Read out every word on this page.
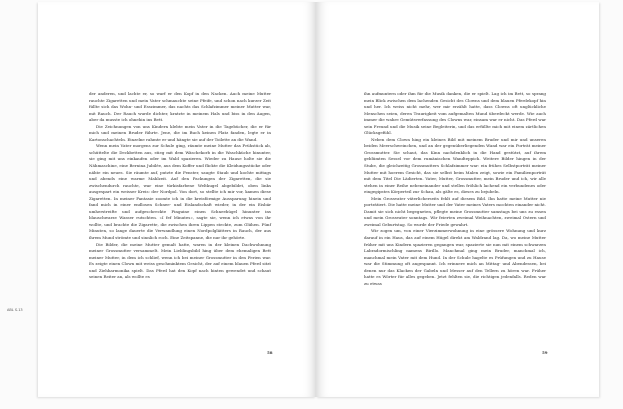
ABL S.13

der anderen, und lachte er, so warf er den Kopf in den Nacken. Auch meine Mutter rauchte Zigaretten und mein Vater schmauchte seine Pfeife, und schon nach kurzer Zeit füllte sich das Wohn- und Esszimmer, das nachts das Schlafzimmer meiner Mutter war, mit Rauch. Der Rauch wurde dichter, kratzte in meinem Hals und biss in den Augen, aber da musste ich ohnehin ins Bett.

Die Zeichnungen von uns Kindern klebte mein Vater in die Tagebücher, die er für mich und meinen Bruder führte. Jene, die im Buch keinen Platz fanden, legte er in Kartonschachteln. Einzelne rahmte er und hängte sie auf der Toilette an die Wand.

Wenn mein Vater morgens zur Schule ging, räumte meine Mutter das Frühstück ab, schüttelte die Deckbetten aus, stieg mit dem Wäschekorb in die Waschküche hinunter, sie ging mit uns einkaufen oder im Wald spazieren. Wieder zu Hause holte sie die Nähmaschine, eine Bernina Jubilée, aus dem Koffer und flickte die Kleidungsstücke oder nähte ein neues. Sie räumte auf, putzte die Fenster, saugte Staub und kochte mittags und abends eine warme Mahlzeit. Auf den Packungen der Zigaretten, die sie zwischendurch rauchte, war eine türkisfarbene Weltkugel abgebildet, oben links ausgespart ein weisser Kreis: der Nordpol. Von dort, so stellte ich mir vor, kamen diese Zigaretten. In meiner Fantasie zoomte ich in die kreisförmige Aussparung hinein und fand mich in einer endlosen Schnee- und Eislandschaft wieder, in der ein Eisbär umherstreifte und aufgeschreckte Pinguine einen Schneehügel hinunter ins blauschwarze Wasser rutschten. «I fef Minutes», sagte sie, wenn ich etwas von ihr wollte, und brachte die Zigarette, die zwischen ihren Lippen steckte, zum Glühen. Fünf Minuten, so lange dauerte die Verwandlung einen Nordpolgläitters in Rauch, der aus ihrem Mund strömte und sinnlich roch. Eine Zeitspanne, die nur ihr gehörte.

Die Bilder, die meine Mutter gemalt hatte, waren in der kleinen Dachwohnung meiner Grossmutter versammelt. Mein Lieblingsbild hing über dem ehemaligen Bett meiner Mutter, in dem ich schlief, wenn ich bei meiner Grossmutter in den Ferien war. Es zeigte einen Clown mit weiss geschminktem Gesicht, der auf einem blauen Pferd sitzt und Ziehharmonika spielt. Das Pferd hat den Kopf nach hinten gewendet und schaut seinen Reiter an, als wollte es

58

ihn aufmuntern oder ihm für die Musik danken, die er spielt. Lag ich im Bett, so sprang mein Blick zwischen dem lachenden Gesicht des Clowns und dem blauen Pferdekopf hin und her. Ich weiss nicht mehr, wer mir erzählt hatte, dass Clowns oft unglückliche Menschen seien, deren Traurigkeit vom aufgemalten Mund überdeckt werde. Wie auch immer die wahre Gemütsverfassung des Clowns war, einsam war er nicht. Das Pferd war sein Freund und die Musik seine Begleiterin, und das erfüllte mich mit einem zärtlichen Glücksgefühl.

Neben dem Clown hing ein kleines Bild mit meinem Bruder und mir und unseren beiden Meerschweinchen, und an der gegenüberliegenden Wand war ein Porträt meiner Grossmutter. Sie schaut, das Kinn nachdenklich in die Hand gestützt, auf ihrem geblümten Sessel vor dem rumänischen Wandteppich. Weitere Bilder hingen in der Stube, die gleichzeitig Grossmutters Schlafzimmer war: ein frühes Selbstporträt meiner Mutter mit hoerem Gesicht, das sie selbst beim Malen zeigt, sowie ein Familienporträt mit dem Titel Die Lädierten. Vater, Mutter, Grossmutter, mein Bruder und ich, wir alle stehen in einer Reihe nebeneinander und stellen fröhlich lachend ein verbundenes oder eingegipstes Körperteil zur Schau, als gälte es, dieses zu bejubeln.

Mein Grossvater väterlicherseits fehlt auf diesem Bild. Ihn hatte meine Mutter nie porträtiert. Die hatte meine Mutter und der Vater meines Vaters mochten einander nicht. Damit sie sich nicht begegneten, pflegte meine Grossmutter samstags bei uns zu essen und mein Grossvater sonntags. Wir feierten zweimal Weihnachten, zweimal Ostern und zweimal Geburtstag. So wurde der Friede gewahrt.

Wir zogen um, von einer Vierzimmerwohnung in eine grössere Wohnung und kurz darauf in ein Haus, das auf einem Hügel direkt am Waldrand lag. Da, wo meine Mutter früher mit uns Kindern spazieren gegangen war, spazierte sie nun mit einem schwarzen Labradormischling namens Birillo. Manchmal ging mein Bruder, manchmal ich, manchmal mein Vater mit dem Hund. In der Schule hagelte es Prüfungen und zu Hause war die Stimmung oft angespannt. Ich erinnere mich an Mittag- und Abendessen, bei denen nur das Klacken der Gabeln und Messer auf den Tellern zu hören war. Früher hatte es Wörter für alles gegeben. Jetzt fehlten sie, die richtigen jedenfalls. Reden war zu etwas

59
